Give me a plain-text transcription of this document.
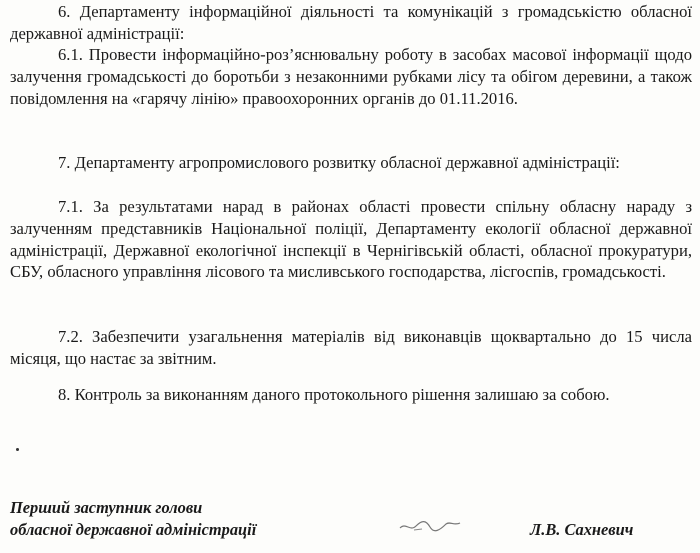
6. Департаменту інформаційної діяльності та комунікацій з громадськістю обласної державної адміністрації:

6.1. Провести інформаційно-роз’яснювальну роботу в засобах масової інформації щодо залучення громадськості до боротьби з незаконними рубками лісу та обігом деревини, а також повідомлення на «гарячу лінію» правоохоронних органів до 01.11.2016.

7. Департаменту агропромислового розвитку обласної державної адміністрації:

7.1. За результатами нарад в районах області провести спільну обласну нараду з залученням представників Національної поліції, Департаменту екології обласної державної адміністрації, Державної екологічної інспекції в Чернігівській області, обласної прокуратури, СБУ, обласного управління лісового та мисливського господарства, лісгоспів, громадськості.

7.2. Забезпечити узагальнення матеріалів від виконавців щоквартально до 15 числа місяця, що настає за звітним.

8. Контроль за виконанням даного протокольного рішення залишаю за собою.

Перший заступник голови
обласної державної адміністрації	Л.В. Сахневич
